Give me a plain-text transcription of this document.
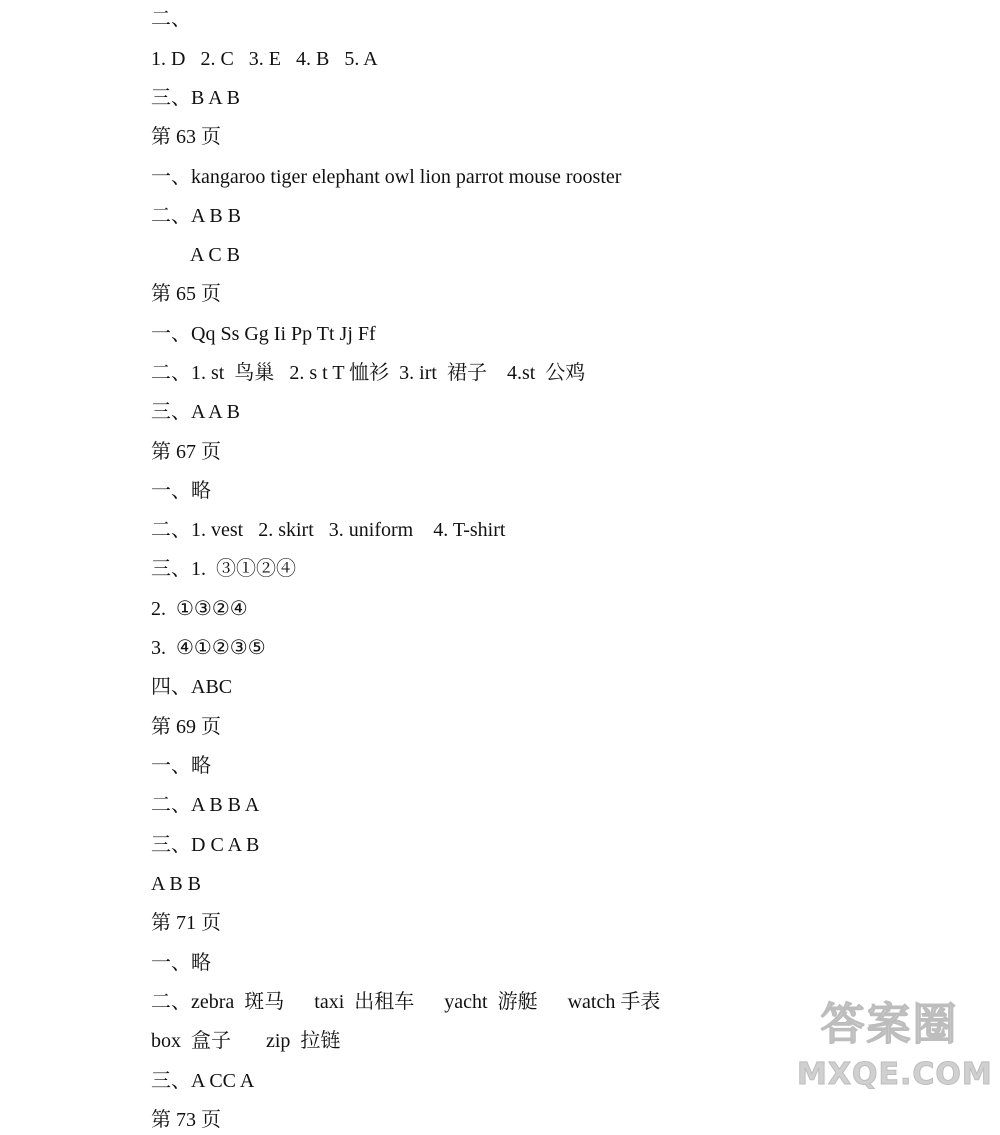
二、
1. D   2. C   3. E   4. B   5. A
三、B A B
第 63 页
一、kangaroo tiger elephant owl lion parrot mouse rooster
二、A B B
A C B
第 65 页
一、Qq Ss Gg Ii Pp Tt Jj Ff
二、1. st  鸟巢   2. s t T 恤衫  3. irt  裙子    4.st  公鸡
三、A A B
第 67 页
一、略
二、1. vest   2. skirt   3. uniform    4. T-shirt
三、1.  ③①②④
2.  ①③②④
3.  ④①②③⑤
四、ABC
第 69 页
一、略
二、A B B A
三、D C A B
A B B
第 71 页
一、略
二、zebra  斑马      taxi  出租车      yacht  游艇      watch 手表
box  盒子       zip  拉链
三、A CC A
第 73 页
答案圈
MXQE.COM
